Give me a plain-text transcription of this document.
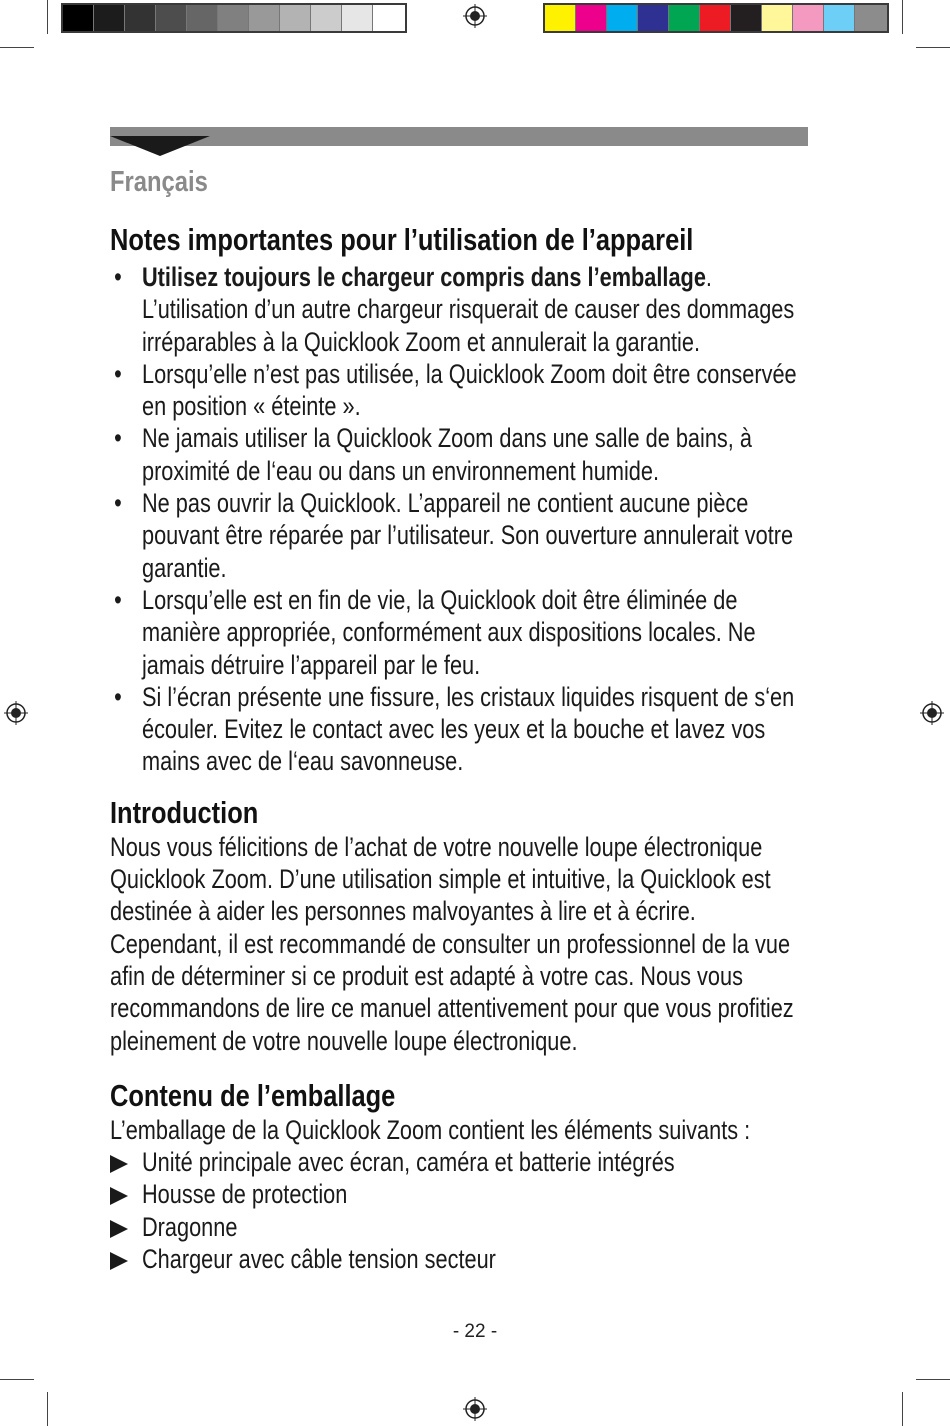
Français
Notes importantes pour l’utilisation de l’appareil
• Utilisez toujours le chargeur compris dans l’emballage. L’utilisation d’un autre chargeur risquerait de causer des dommages irréparables à la Quicklook Zoom et annulerait la garantie.
• Lorsqu’elle n’est pas utilisée, la Quicklook Zoom doit être conservée en position « éteinte ».
• Ne jamais utiliser la Quicklook Zoom dans une salle de bains, à proximité de l‘eau ou dans un environnement humide.
• Ne pas ouvrir la Quicklook. L’appareil ne contient aucune pièce pouvant être réparée par l’utilisateur. Son ouverture annulerait votre garantie.
• Lorsqu’elle est en fin de vie, la Quicklook doit être éliminée de manière appropriée, conformément aux dispositions locales. Ne jamais détruire l’appareil par le feu.
• Si l’écran présente une fissure, les cristaux liquides risquent de s‘en écouler. Evitez le contact avec les yeux et la bouche et lavez vos mains avec de l‘eau savonneuse.
Introduction

Nous vous félicitions de l’achat de votre nouvelle loupe électronique Quicklook Zoom. D’une utilisation simple et intuitive, la Quicklook est destinée à aider les personnes malvoyantes à lire et à écrire. Cependant, il est recommandé de consulter un professionnel de la vue afin de déterminer si ce produit est adapté à votre cas. Nous vous recommandons de lire ce manuel attentivement pour que vous profitiez pleinement de votre nouvelle loupe électronique.

Contenu de l’emballage

L’emballage de la Quicklook Zoom contient les éléments suivants :

Unité principale avec écran, caméra et batterie intégrés
Housse de protection
Dragonne
Chargeur avec câble tension secteur
- 22 -
